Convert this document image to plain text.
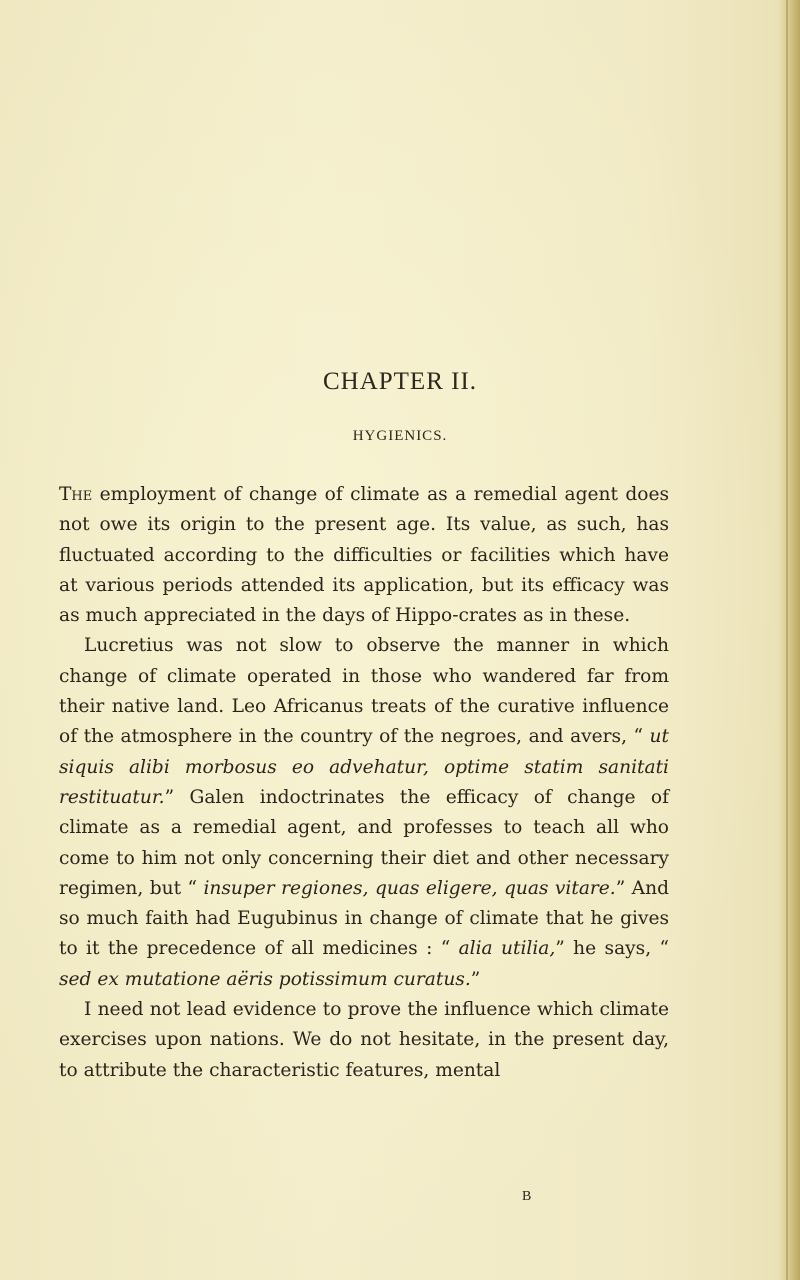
CHAPTER II.
HYGIENICS.

The employment of change of climate as a remedial agent does not owe its origin to the present age. Its value, as such, has fluctuated according to the difficulties or facilities which have at various periods attended its application, but its efficacy was as much appreciated in the days of Hippo-crates as in these.

Lucretius was not slow to observe the manner in which change of climate operated in those who wandered far from their native land. Leo Africanus treats of the curative influence of the atmosphere in the country of the negroes, and avers, “ ut siquis alibi morbosus eo advehatur, optime statim sanitati restituatur.” Galen indoctrinates the efficacy of change of climate as a remedial agent, and professes to teach all who come to him not only concerning their diet and other necessary regimen, but “ insuper regiones, quas eligere, quas vitare.” And so much faith had Eugubinus in change of climate that he gives to it the precedence of all medicines : “ alia utilia,” he says, “ sed ex mutatione aëris potissimum curatus.”

I need not lead evidence to prove the influence which climate exercises upon nations. We do not hesitate, in the present day, to attribute the characteristic features, mental

B
